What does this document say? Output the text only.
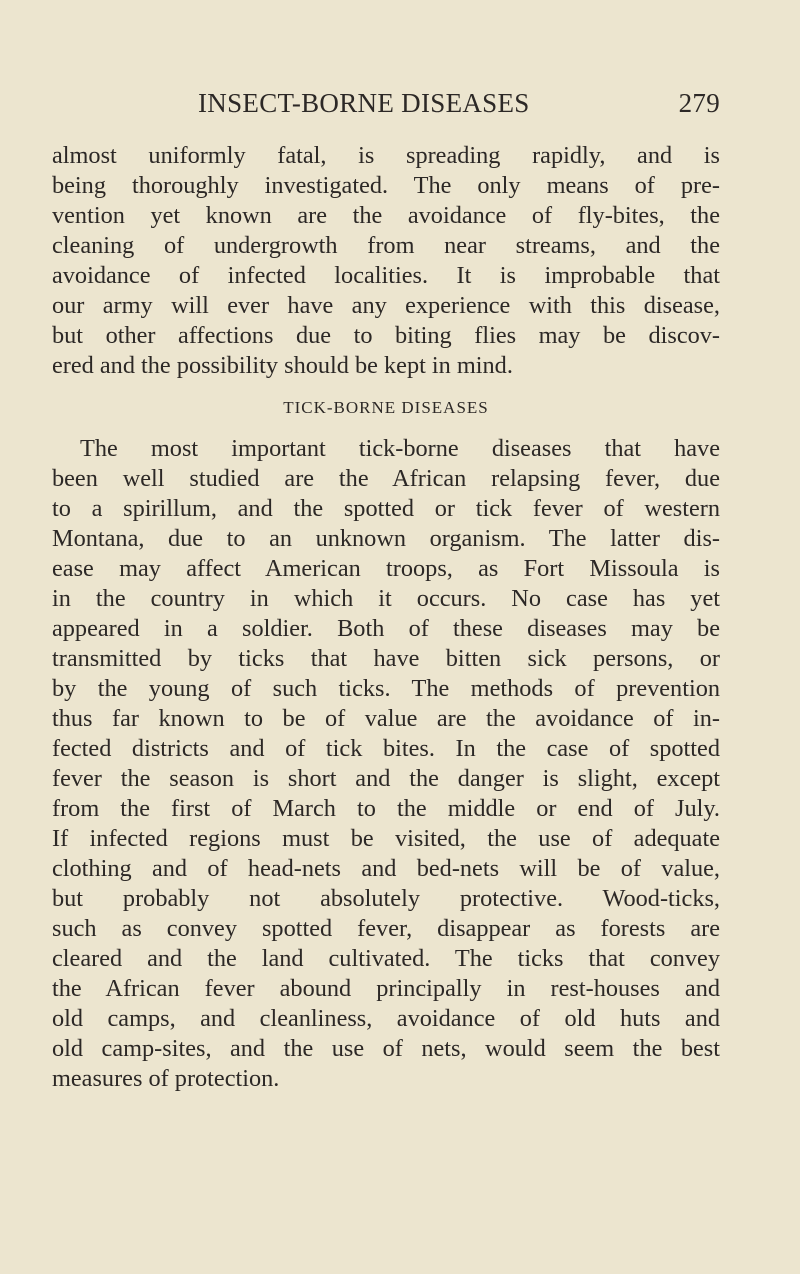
INSECT-BORNE DISEASES	279
almost uniformly fatal, is spreading rapidly, and is
being thoroughly investigated. The only means of pre-
vention yet known are the avoidance of fly-bites, the
cleaning of undergrowth from near streams, and the
avoidance of infected localities. It is improbable that
our army will ever have any experience with this disease,
but other affections due to biting flies may be discov-
ered and the possibility should be kept in mind.
TICK-BORNE DISEASES
The most important tick-borne diseases that have
been well studied are the African relapsing fever, due
to a spirillum, and the spotted or tick fever of western
Montana, due to an unknown organism. The latter dis-
ease may affect American troops, as Fort Missoula is
in the country in which it occurs. No case has yet
appeared in a soldier. Both of these diseases may be
transmitted by ticks that have bitten sick persons, or
by the young of such ticks. The methods of prevention
thus far known to be of value are the avoidance of in-
fected districts and of tick bites. In the case of spotted
fever the season is short and the danger is slight, except
from the first of March to the middle or end of July.
If infected regions must be visited, the use of adequate
clothing and of head-nets and bed-nets will be of value,
but probably not absolutely protective. Wood-ticks,
such as convey spotted fever, disappear as forests are
cleared and the land cultivated. The ticks that convey
the African fever abound principally in rest-houses and
old camps, and cleanliness, avoidance of old huts and
old camp-sites, and the use of nets, would seem the best
measures of protection.
